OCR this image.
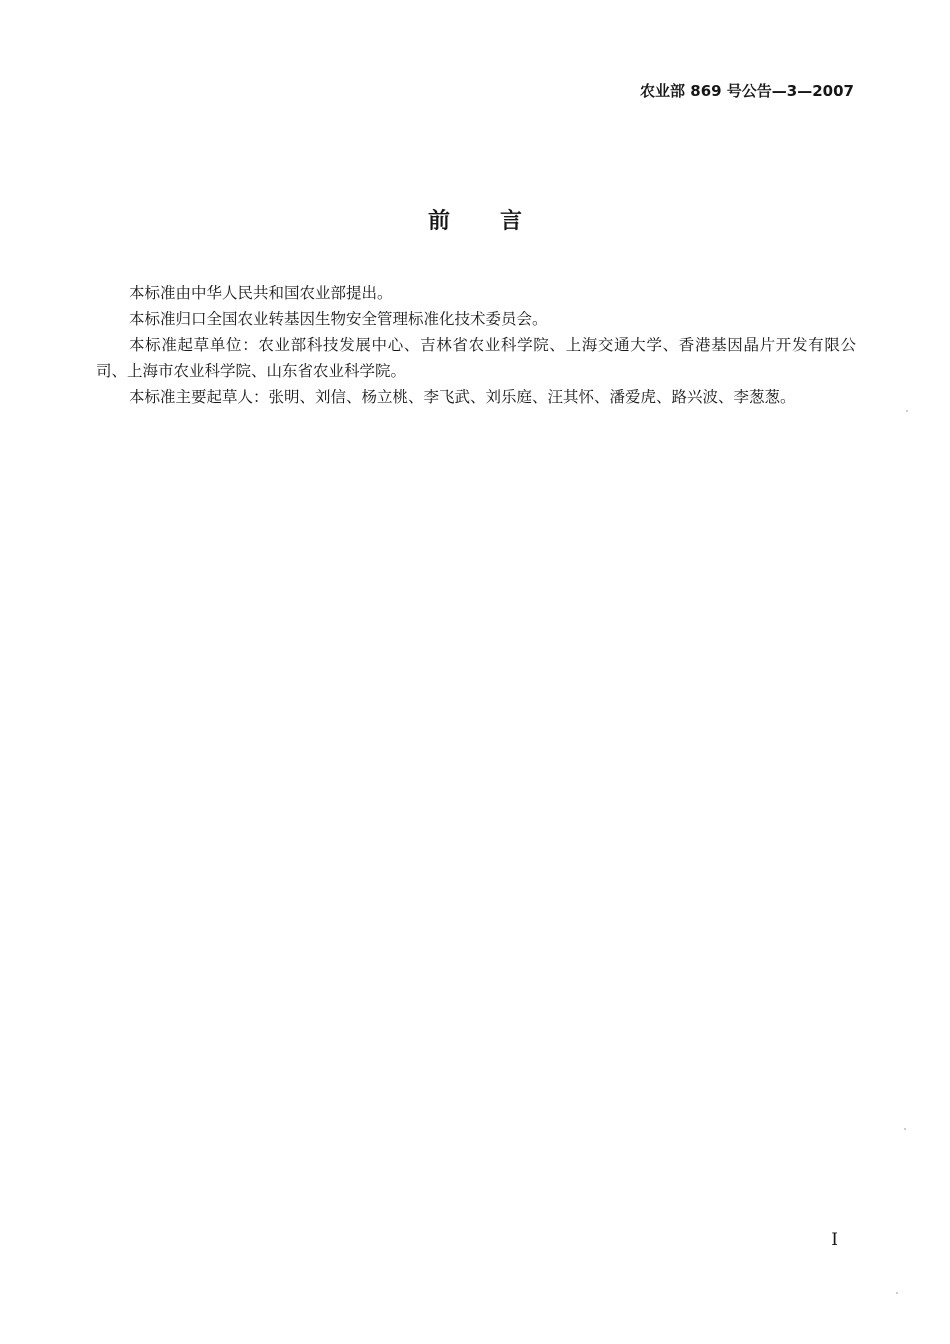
农业部 869 号公告—3—2007
前言

本标准由中华人民共和国农业部提出。

本标准归口全国农业转基因生物安全管理标准化技术委员会。

本标准起草单位：农业部科技发展中心、吉林省农业科学院、上海交通大学、香港基因晶片开发有限公司、上海市农业科学院、山东省农业科学院。

本标准主要起草人：张明、刘信、杨立桃、李飞武、刘乐庭、汪其怀、潘爱虎、路兴波、李葱葱。

I
